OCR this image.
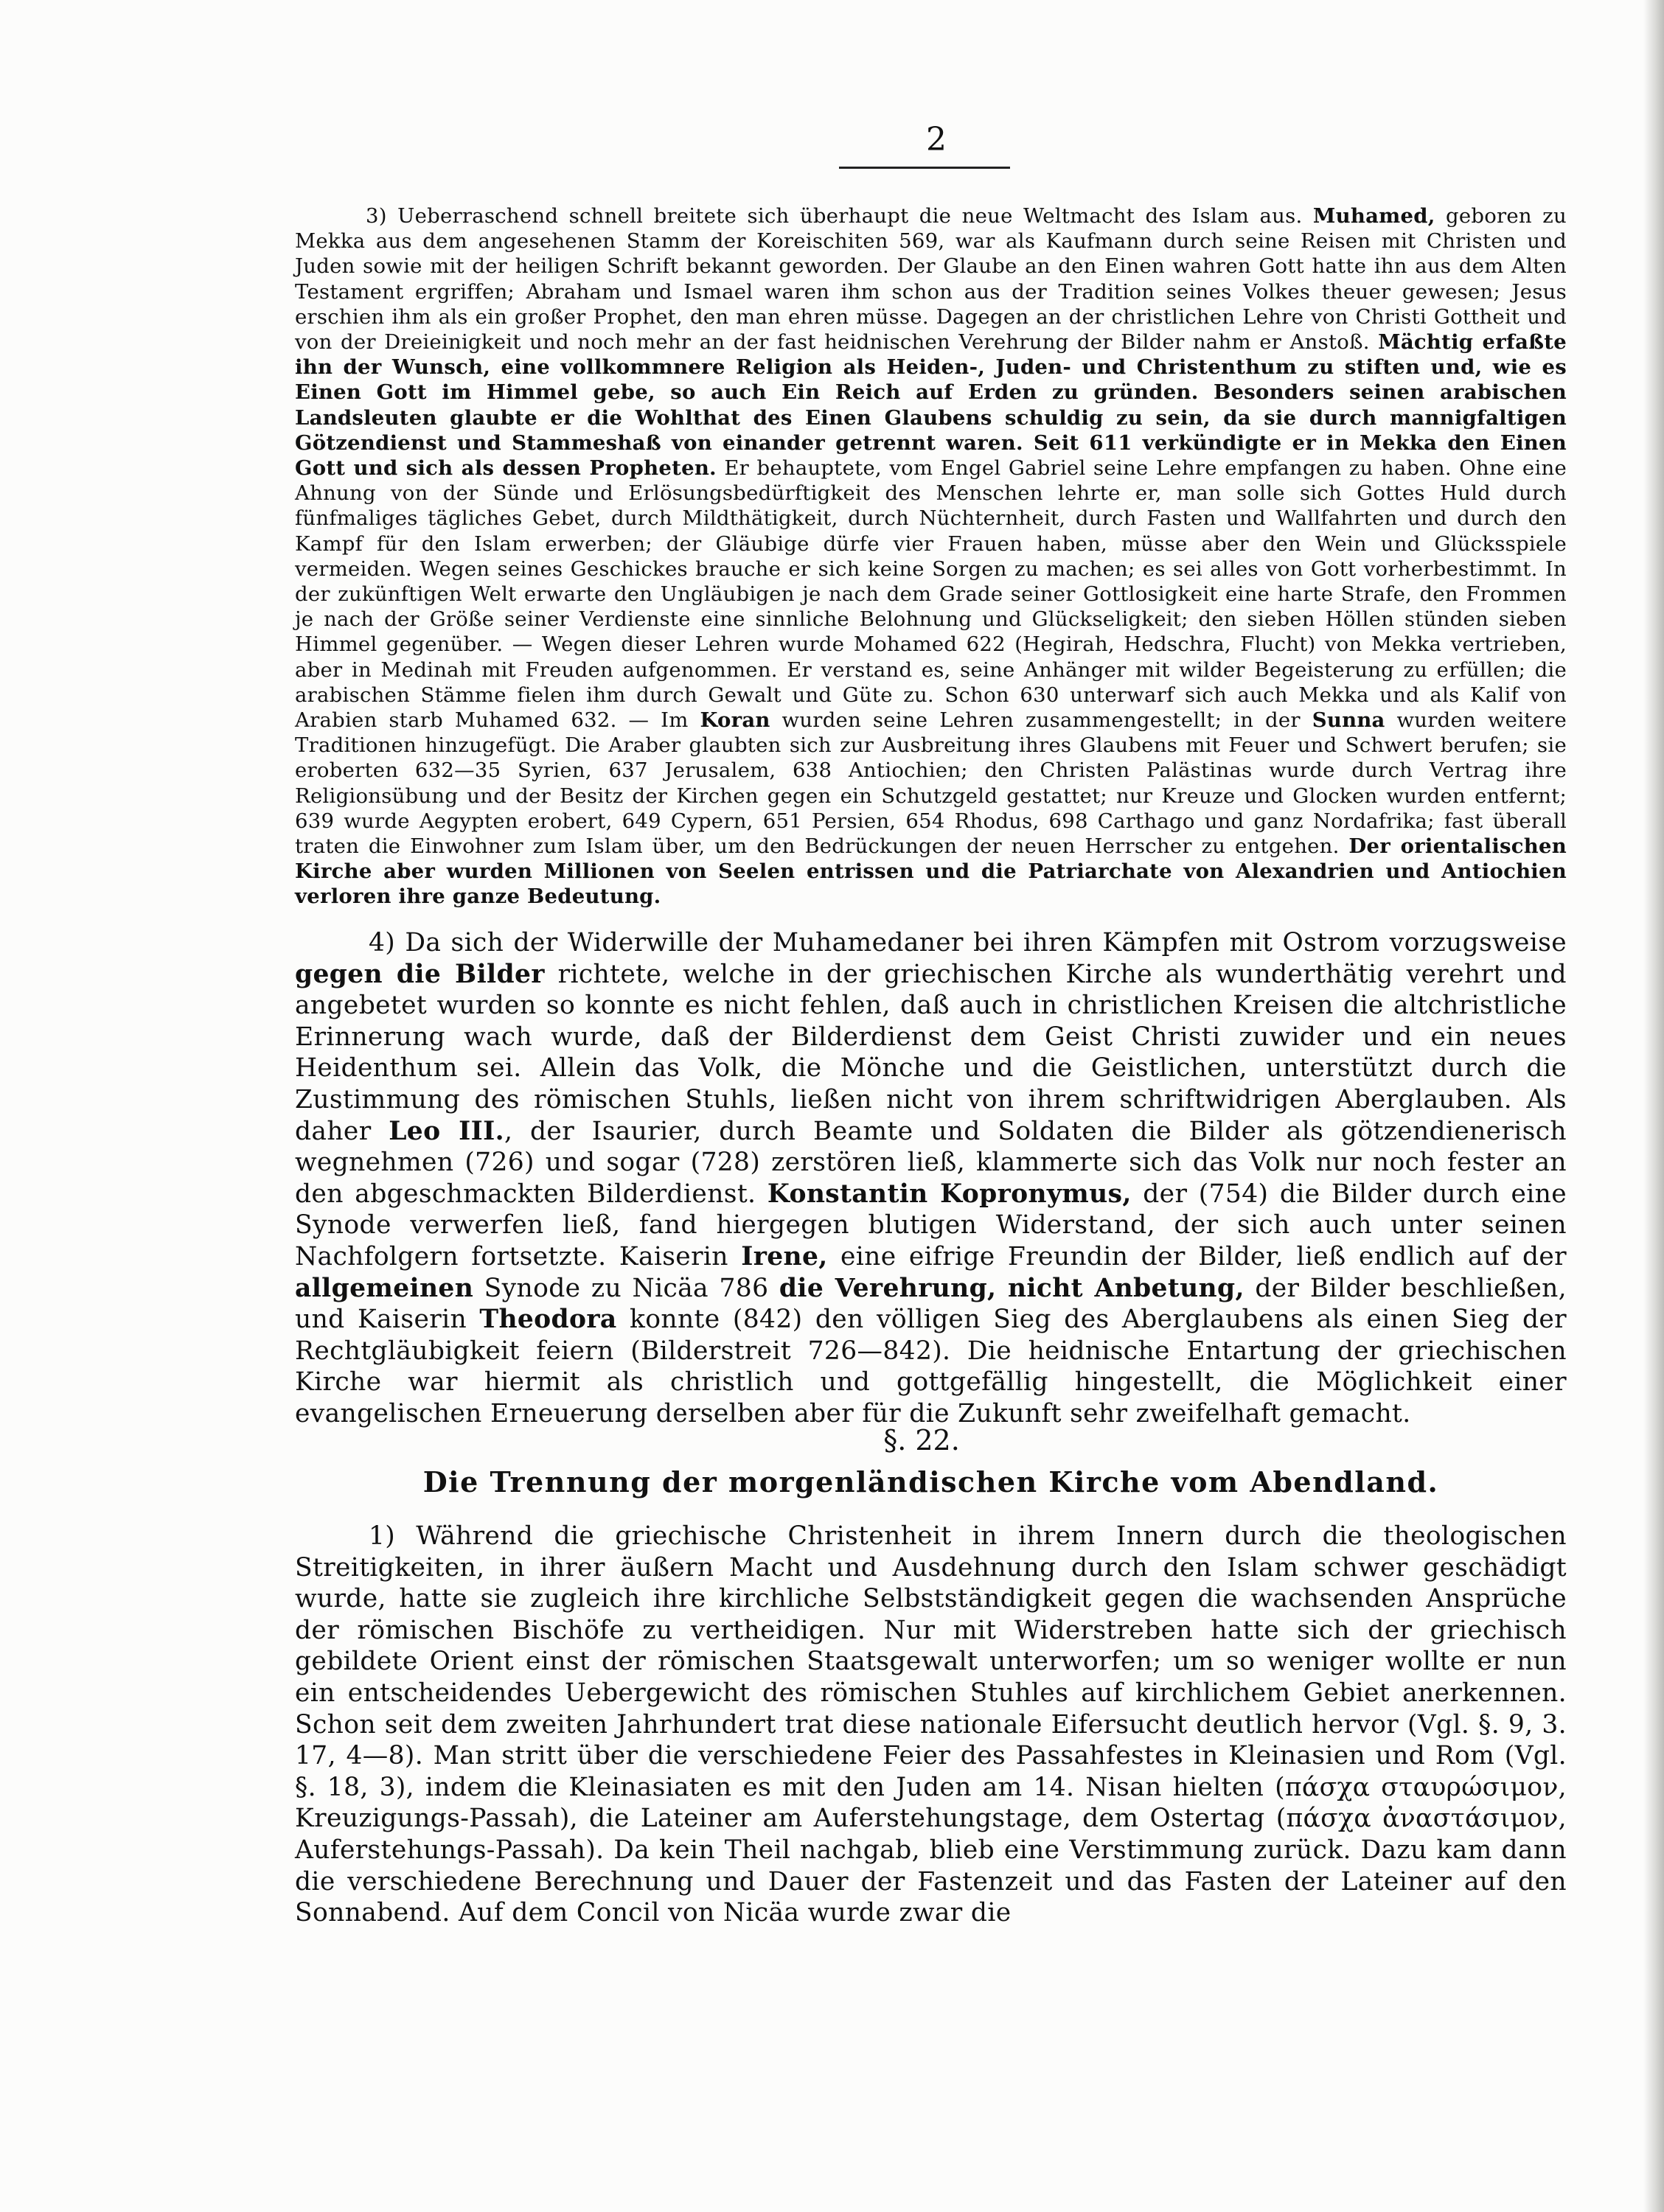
2
3) Ueberraschend schnell breitete sich überhaupt die neue Weltmacht des Islam aus. Muhamed, geboren zu Mekka aus dem angesehenen Stamm der Koreischiten 569, war als Kaufmann durch seine Reisen mit Christen und Juden sowie mit der heiligen Schrift bekannt geworden. Der Glaube an den Einen wahren Gott hatte ihn aus dem Alten Testament ergriffen; Abraham und Ismael waren ihm schon aus der Tradition seines Volkes theuer gewesen; Jesus erschien ihm als ein großer Prophet, den man ehren müsse. Dagegen an der christlichen Lehre von Christi Gottheit und von der Dreieinigkeit und noch mehr an der fast heidnischen Verehrung der Bilder nahm er Anstoß. Mächtig erfaßte ihn der Wunsch, eine vollkommnere Religion als Heiden-, Juden- und Christenthum zu stiften und, wie es Einen Gott im Himmel gebe, so auch Ein Reich auf Erden zu gründen. Besonders seinen arabischen Landsleuten glaubte er die Wohlthat des Einen Glaubens schuldig zu sein, da sie durch mannigfaltigen Götzendienst und Stammeshaß von einander getrennt waren. Seit 611 verkündigte er in Mekka den Einen Gott und sich als dessen Propheten. Er behauptete, vom Engel Gabriel seine Lehre empfangen zu haben. Ohne eine Ahnung von der Sünde und Erlösungsbedürftigkeit des Menschen lehrte er, man solle sich Gottes Huld durch fünfmaliges tägliches Gebet, durch Mildthätigkeit, durch Nüchternheit, durch Fasten und Wallfahrten und durch den Kampf für den Islam erwerben; der Gläubige dürfe vier Frauen haben, müsse aber den Wein und Glücksspiele vermeiden. Wegen seines Geschickes brauche er sich keine Sorgen zu machen; es sei alles von Gott vorherbestimmt. In der zukünftigen Welt erwarte den Ungläubigen je nach dem Grade seiner Gottlosigkeit eine harte Strafe, den Frommen je nach der Größe seiner Verdienste eine sinnliche Belohnung und Glückseligkeit; den sieben Höllen stünden sieben Himmel gegenüber. — Wegen dieser Lehren wurde Mohamed 622 (Hegirah, Hedschra, Flucht) von Mekka vertrieben, aber in Medinah mit Freuden aufgenommen. Er verstand es, seine Anhänger mit wilder Begeisterung zu erfüllen; die arabischen Stämme fielen ihm durch Gewalt und Güte zu. Schon 630 unterwarf sich auch Mekka und als Kalif von Arabien starb Muhamed 632. — Im Koran wurden seine Lehren zusammengestellt; in der Sunna wurden weitere Traditionen hinzugefügt. Die Araber glaubten sich zur Ausbreitung ihres Glaubens mit Feuer und Schwert berufen; sie eroberten 632—35 Syrien, 637 Jerusalem, 638 Antiochien; den Christen Palästinas wurde durch Vertrag ihre Religionsübung und der Besitz der Kirchen gegen ein Schutzgeld gestattet; nur Kreuze und Glocken wurden entfernt; 639 wurde Aegypten erobert, 649 Cypern, 651 Persien, 654 Rhodus, 698 Carthago und ganz Nordafrika; fast überall traten die Einwohner zum Islam über, um den Bedrückungen der neuen Herrscher zu entgehen. Der orientalischen Kirche aber wurden Millionen von Seelen entrissen und die Patriarchate von Alexandrien und Antiochien verloren ihre ganze Bedeutung.
4) Da sich der Widerwille der Muhamedaner bei ihren Kämpfen mit Ostrom vorzugsweise gegen die Bilder richtete, welche in der griechischen Kirche als wunderthätig verehrt und angebetet wurden so konnte es nicht fehlen, daß auch in christlichen Kreisen die altchristliche Erinnerung wach wurde, daß der Bilderdienst dem Geist Christi zuwider und ein neues Heidenthum sei. Allein das Volk, die Mönche und die Geistlichen, unterstützt durch die Zustimmung des römischen Stuhls, ließen nicht von ihrem schriftwidrigen Aberglauben. Als daher Leo III., der Isaurier, durch Beamte und Soldaten die Bilder als götzendienerisch wegnehmen (726) und sogar (728) zerstören ließ, klammerte sich das Volk nur noch fester an den abgeschmackten Bilderdienst. Konstantin Kopronymus, der (754) die Bilder durch eine Synode verwerfen ließ, fand hiergegen blutigen Widerstand, der sich auch unter seinen Nachfolgern fortsetzte. Kaiserin Irene, eine eifrige Freundin der Bilder, ließ endlich auf der allgemeinen Synode zu Nicäa 786 die Verehrung, nicht Anbetung, der Bilder beschließen, und Kaiserin Theodora konnte (842) den völligen Sieg des Aberglaubens als einen Sieg der Rechtgläubigkeit feiern (Bilderstreit 726—842). Die heidnische Entartung der griechischen Kirche war hiermit als christlich und gottgefällig hingestellt, die Möglichkeit einer evangelischen Erneuerung derselben aber für die Zukunft sehr zweifelhaft gemacht.
§. 22.
Die Trennung der morgenländischen Kirche vom Abendland.
1) Während die griechische Christenheit in ihrem Innern durch die theologischen Streitigkeiten, in ihrer äußern Macht und Ausdehnung durch den Islam schwer geschädigt wurde, hatte sie zugleich ihre kirchliche Selbstständigkeit gegen die wachsenden Ansprüche der römischen Bischöfe zu vertheidigen. Nur mit Widerstreben hatte sich der griechisch gebildete Orient einst der römischen Staatsgewalt unterworfen; um so weniger wollte er nun ein entscheidendes Uebergewicht des römischen Stuhles auf kirchlichem Gebiet anerkennen. Schon seit dem zweiten Jahrhundert trat diese nationale Eifersucht deutlich hervor (Vgl. §. 9, 3. 17, 4—8). Man stritt über die verschiedene Feier des Passahfestes in Kleinasien und Rom (Vgl. §. 18, 3), indem die Kleinasiaten es mit den Juden am 14. Nisan hielten (πάσχα σταυρώσιμον, Kreuzigungs-Passah), die Lateiner am Auferstehungstage, dem Ostertag (πάσχα ἀναστάσιμον, Auferstehungs-Passah). Da kein Theil nachgab, blieb eine Verstimmung zurück. Dazu kam dann die verschiedene Berechnung und Dauer der Fastenzeit und das Fasten der Lateiner auf den Sonnabend. Auf dem Concil von Nicäa wurde zwar die
